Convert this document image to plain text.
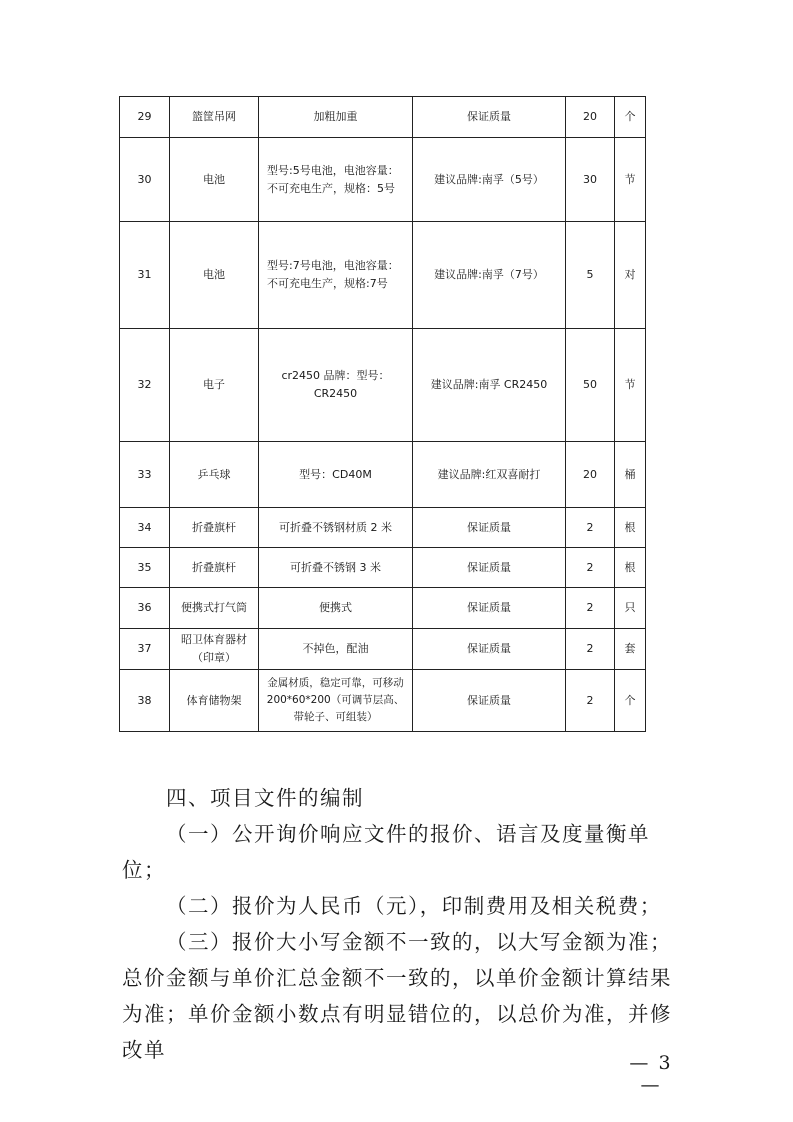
29	篮筐吊网	加粗加重	保证质量	20	个
30	电池	型号:5号电池，电池容量：不可充电生产，规格：5号	建议品牌:南孚（5号）	30	节
31	电池	型号:7号电池，电池容量：不可充电生产，规格:7号	建议品牌:南孚（7号）	5	对
32	电子	cr2450 品牌：型号：CR2450	建议品牌:南孚 CR2450	50	节
33	乒乓球	型号：CD40M	建议品牌:红双喜耐打	20	桶
34	折叠旗杆	可折叠不锈钢材质 2 米	保证质量	2	根
35	折叠旗杆	可折叠不锈钢 3 米	保证质量	2	根
36	便携式打气筒	便携式	保证质量	2	只
37	昭卫体育器材（印章）	不掉色，配油	保证质量	2	套
38	体育储物架	金属材质，稳定可靠，可移动200*60*200（可调节层高、带轮子、可组装）	保证质量	2	个

四、项目文件的编制

（一）公开询价响应文件的报价、语言及度量衡单位；

（二）报价为人民币（元），印制费用及相关税费；

（三）报价大小写金额不一致的，以大写金额为准；总价金额与单价汇总金额不一致的，以单价金额计算结果为准；单价金额小数点有明显错位的，以总价为准，并修改单

— 3 —
